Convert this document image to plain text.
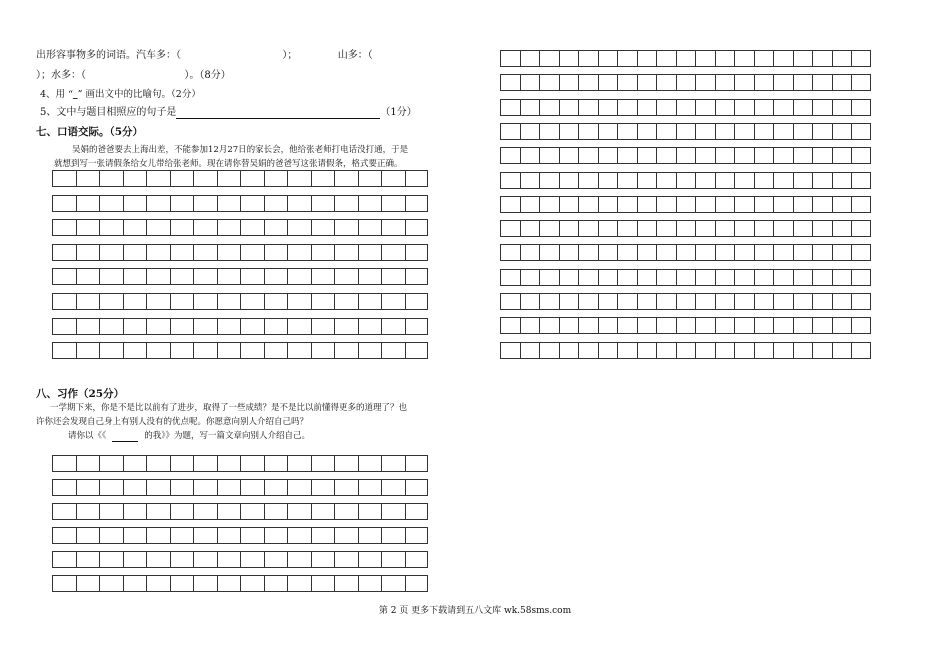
出形容事物多的词语。汽车多：（	）；	山多：（
）；水多：（	）。（8分）
4、用 “_” 画出文中的比喻句。（2分）
5、文中与题目相照应的句子是	（1分）
七、口语交际。（5分）
吴娟的爸爸要去上海出差，不能参加12月27日的家长会，他给张老师打电话没打通，于是
就想到写一张请假条给女儿带给张老师。现在请你替吴娟的爸爸写这张请假条，格式要正确。
八、习作（25分）
一学期下来，你是不是比以前有了进步，取得了一些成绩？是不是比以前懂得更多的道理了？也
许你还会发现自己身上有别人没有的优点呢。你愿意向别人介绍自己吗？
请你以《《	的我》》为题，写一篇文章向别人介绍自己。
第 2 页 更多下载请到五八文库 wk.58sms.com
